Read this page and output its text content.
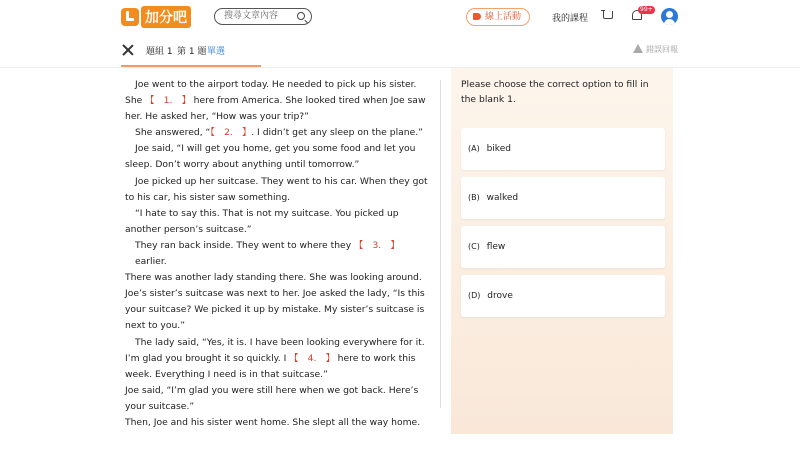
加分吧	搜尋文章內容	線上活動	我的課程
99+
題組 1 第 1 題 單選	錯誤回報

Joe went to the airport today. He needed to pick up his sister.

She 【　1.　】 here from America. She looked tired when Joe saw

her. He asked her, “How was your trip?”

She answered, “【　2.　】. I didn’t get any sleep on the plane.”

Joe said, “I will get you home, get you some food and let you

sleep. Don’t worry about anything until tomorrow.”

Joe picked up her suitcase. They went to his car. When they got

to his car, his sister saw something.

“I hate to say this. That is not my suitcase. You picked up

another person’s suitcase.”

They ran back inside. They went to where they 【　3.　】 earlier.

There was another lady standing there. She was looking around.

Joe’s sister’s suitcase was next to her. Joe asked the lady, “Is this

your suitcase? We picked it up by mistake. My sister’s suitcase is

next to you.”

The lady said, “Yes, it is. I have been looking everywhere for it.

I’m glad you brought it so quickly. I 【　4.　】 here to work this

week. Everything I need is in that suitcase.”

Joe said, “I’m glad you were still here when we got back. Here’s

your suitcase.”

Then, Joe and his sister went home. She slept all the way home.

Please choose the correct option to fill in the blank 1.
(A) biked
(B) walked
(C) flew
(D) drove
